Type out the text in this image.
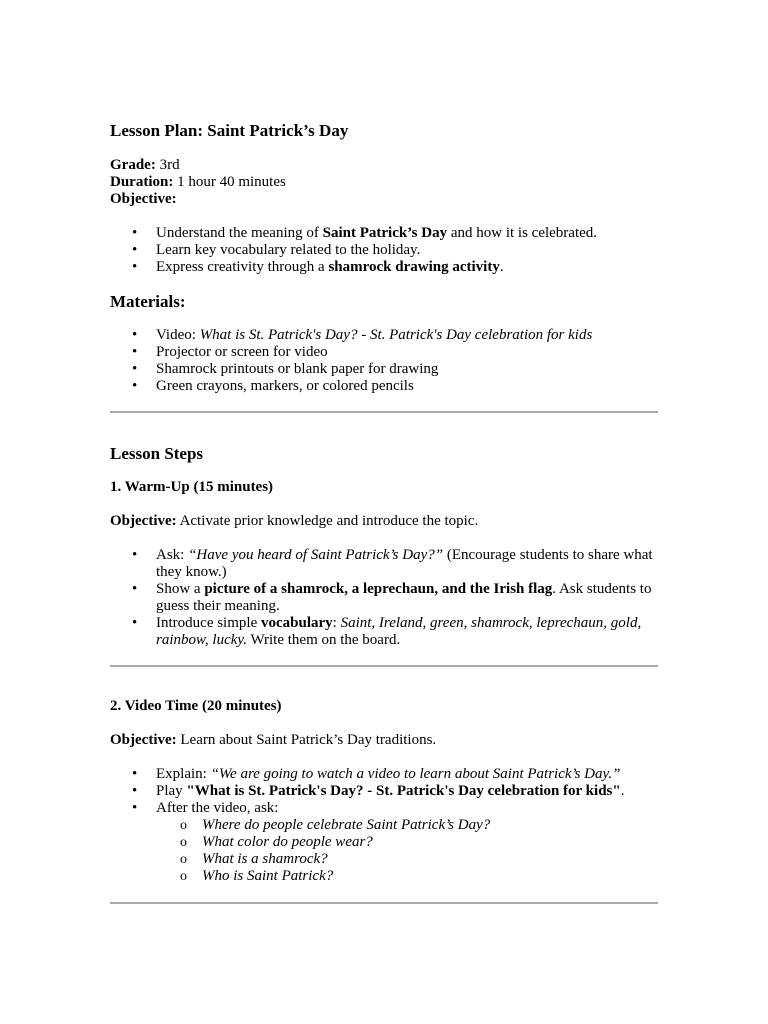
Lesson Plan: Saint Patrick’s Day

Grade: 3rd

Duration: 1 hour 40 minutes

Objective:

• Understand the meaning of Saint Patrick’s Day and how it is celebrated.
• Learn key vocabulary related to the holiday.
• Express creativity through a shamrock drawing activity.
Materials:
• Video: What is St. Patrick's Day? - St. Patrick's Day celebration for kids
• Projector or screen for video
• Shamrock printouts or blank paper for drawing
• Green crayons, markers, or colored pencils
Lesson Steps
1. Warm-Up (15 minutes)

Objective: Activate prior knowledge and introduce the topic.

• Ask: “Have you heard of Saint Patrick’s Day?” (Encourage students to share what they know.)
• Show a picture of a shamrock, a leprechaun, and the Irish flag. Ask students to guess their meaning.
• Introduce simple vocabulary: Saint, Ireland, green, shamrock, leprechaun, gold, rainbow, lucky. Write them on the board.
2. Video Time (20 minutes)

Objective: Learn about Saint Patrick’s Day traditions.

• Explain: “We are going to watch a video to learn about Saint Patrick’s Day.”
• Play "What is St. Patrick's Day? - St. Patrick's Day celebration for kids".
• After the video, ask:
o Where do people celebrate Saint Patrick’s Day?
o What color do people wear?
o What is a shamrock?
o Who is Saint Patrick?
